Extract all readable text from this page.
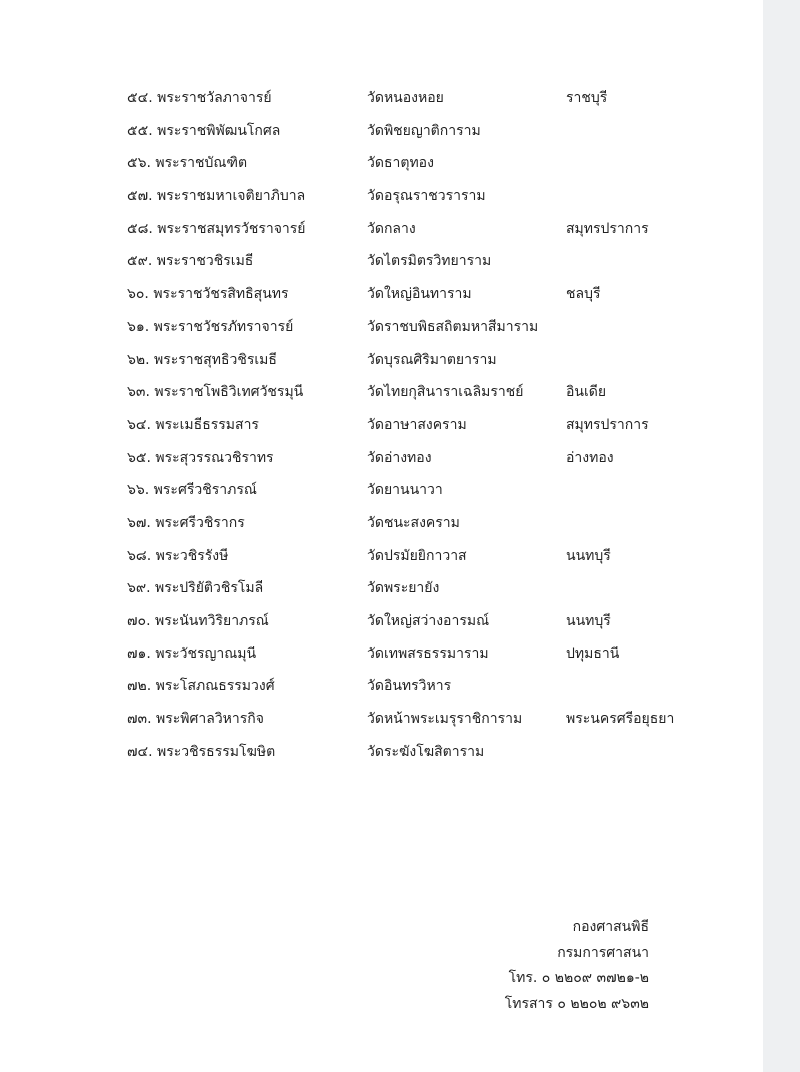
๕๔. พระราชวัลภาจารย์	วัดหนองหอย	ราชบุรี
๕๕. พระราชพิพัฒนโกศล	วัดพิชยญาติการาม
๕๖. พระราชบัณฑิต	วัดธาตุทอง
๕๗. พระราชมหาเจติยาภิบาล	วัดอรุณราชวราราม
๕๘. พระราชสมุทรวัชราจารย์	วัดกลาง	สมุทรปราการ
๕๙. พระราชวชิรเมธี	วัดไตรมิตรวิทยาราม
๖๐. พระราชวัชรสิทธิสุนทร	วัดใหญ่อินทาราม	ชลบุรี
๖๑. พระราชวัชรภัทราจารย์	วัดราชบพิธสถิตมหาสีมาราม
๖๒. พระราชสุทธิวชิรเมธี	วัดบุรณศิริมาตยาราม
๖๓. พระราชโพธิวิเทศวัชรมุนี	วัดไทยกุสินาราเฉลิมราชย์	อินเดีย
๖๔. พระเมธีธรรมสาร	วัดอาษาสงคราม	สมุทรปราการ
๖๕. พระสุวรรณวชิราทร	วัดอ่างทอง	อ่างทอง
๖๖. พระศรีวชิราภรณ์	วัดยานนาวา
๖๗. พระศรีวชิรากร	วัดชนะสงคราม
๖๘. พระวชิรรังษี	วัดปรมัยยิกาวาส	นนทบุรี
๖๙. พระปริยัติวชิรโมลี	วัดพระยายัง
๗๐. พระนันทวิริยาภรณ์	วัดใหญ่สว่างอารมณ์	นนทบุรี
๗๑. พระวัชรญาณมุนี	วัดเทพสรธรรมาราม	ปทุมธานี
๗๒. พระโสภณธรรมวงศ์	วัดอินทรวิหาร
๗๓. พระพิศาลวิหารกิจ	วัดหน้าพระเมรุราชิการาม	พระนครศรีอยุธยา
๗๔. พระวชิรธรรมโฆษิต	วัดระฆังโฆสิตาราม
กองศาสนพิธี
กรมการศาสนา
โทร. ๐ ๒๒๐๙ ๓๗๒๑-๒
โทรสาร ๐ ๒๒๐๒ ๙๖๓๒
